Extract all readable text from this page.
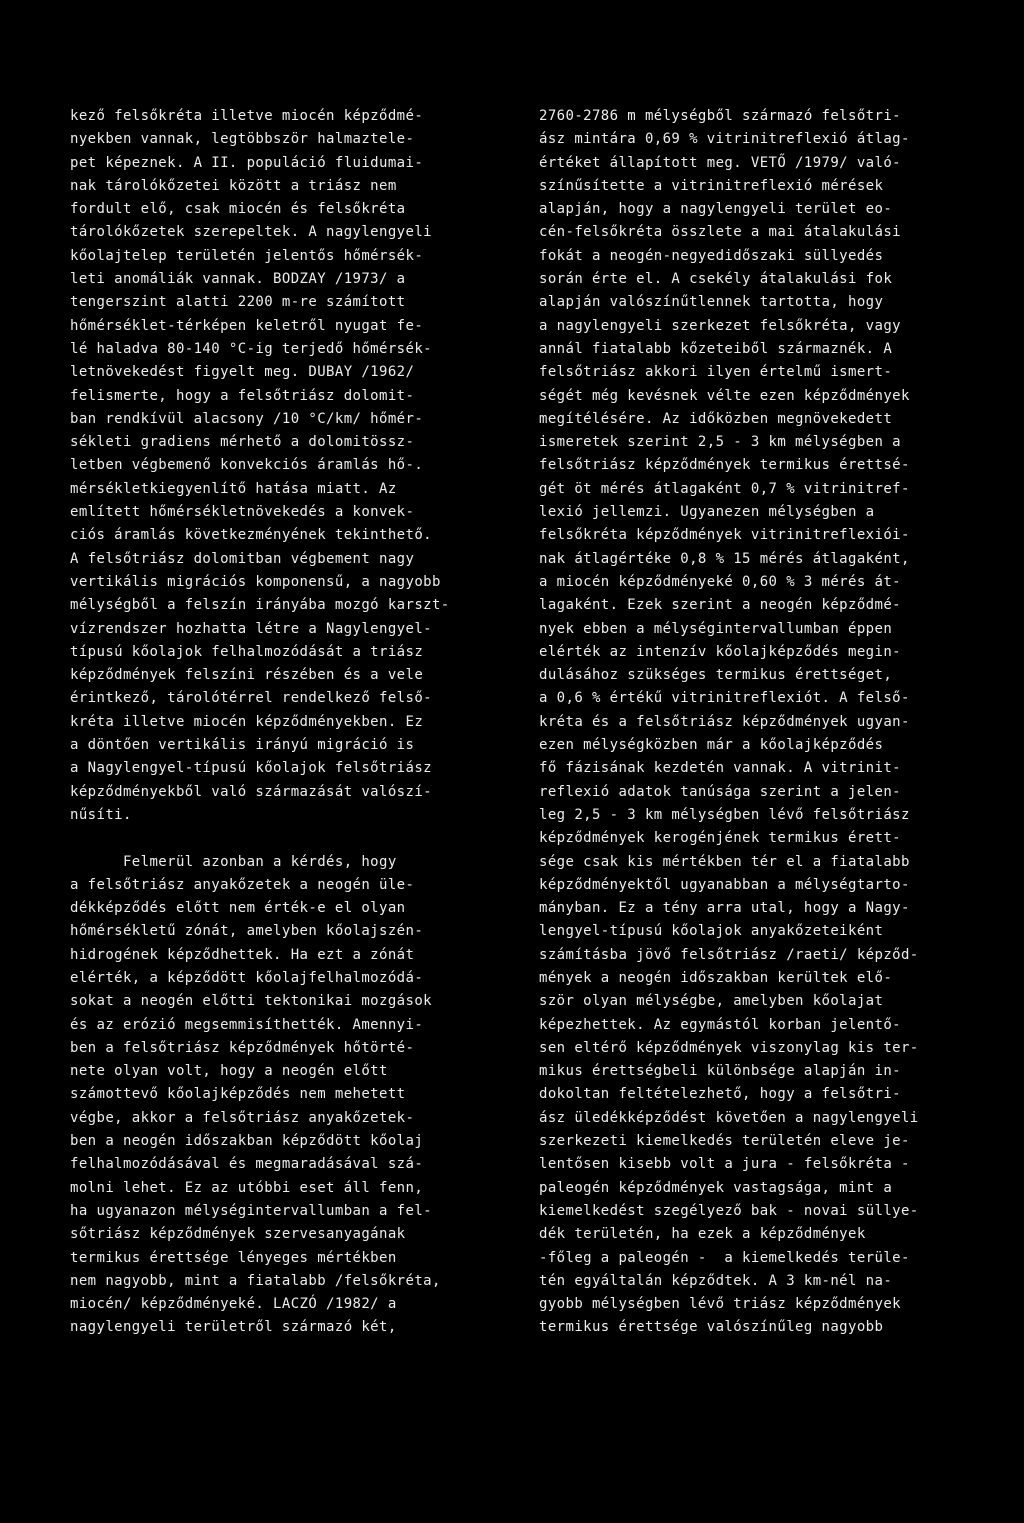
kező felsőkréta illetve miocén képződmé-
nyekben vannak, legtöbbször halmaztele-
pet képeznek. A II. populáció fluidumai-
nak tárolókőzetei között a triász nem
fordult elő, csak miocén és felsőkréta
tárolókőzetek szerepeltek. A nagylengyeli
kőolajtelep területén jelentős hőmérsék-
leti anomáliák vannak. BODZAY /1973/ a
tengerszint alatti 2200 m-re számított
hőmérséklet-térképen keletről nyugat fe-
lé haladva 80-140 °C-ig terjedő hőmérsék-
letnövekedést figyelt meg. DUBAY /1962/
felismerte, hogy a felsőtriász dolomit-
ban rendkívül alacsony /10 °C/km/ hőmér-
sékleti gradiens mérhető a dolomitössz-
letben végbemenő konvekciós áramlás hő-.
mérsékletkiegyenlítő hatása miatt. Az
említett hőmérsékletnövekedés a konvek-
ciós áramlás következményének tekinthető.
A felsőtriász dolomitban végbement nagy
vertikális migrációs komponensű, a nagyobb
mélységből a felszín irányába mozgó karszt-
vízrendszer hozhatta létre a Nagylengyel-
típusú kőolajok felhalmozódását a triász
képződmények felszíni részében és a vele
érintkező, tárolótérrel rendelkező felső-
kréta illetve miocén képződményekben. Ez
a döntően vertikális irányú migráció is
a Nagylengyel-típusú kőolajok felsőtriász
képződményekből való származását valószí-
nűsíti.
Felmerül azonban a kérdés, hogy
a felsőtriász anyakőzetek a neogén üle-
dékképződés előtt nem érték-e el olyan
hőmérsékletű zónát, amelyben kőolajszén-
hidrogének képződhettek. Ha ezt a zónát
elérték, a képződött kőolajfelhalmozódá-
sokat a neogén előtti tektonikai mozgások
és az erózió megsemmisíthették. Amennyi-
ben a felsőtriász képződmények hőtörté-
nete olyan volt, hogy a neogén előtt
számottevő kőolajképződés nem mehetett
végbe, akkor a felsőtriász anyakőzetek-
ben a neogén időszakban képződött kőolaj
felhalmozódásával és megmaradásával szá-
molni lehet. Ez az utóbbi eset áll fenn,
ha ugyanazon mélységintervallumban a fel-
sőtriász képződmények szervesanyagának
termikus érettsége lényeges mértékben
nem nagyobb, mint a fiatalabb /felsőkréta,
miocén/ képződményeké. LACZÓ /1982/ a
nagylengyeli területről származó két,
2760-2786 m mélységből származó felsőtri-
ász mintára 0,69 % vitrinitreflexió átlag-
értéket állapított meg. VETŐ /1979/ való-
színűsítette a vitrinitreflexió mérések
alapján, hogy a nagylengyeli terület eo-
cén-felsőkréta összlete a mai átalakulási
fokát a neogén-negyedidőszaki süllyedés
során érte el. A csekély átalakulási fok
alapján valószínűtlennek tartotta, hogy
a nagylengyeli szerkezet felsőkréta, vagy
annál fiatalabb kőzeteiből származnék. A
felsőtriász akkori ilyen értelmű ismert-
ségét még kevésnek vélte ezen képződmények
megítélésére. Az időközben megnövekedett
ismeretek szerint 2,5 - 3 km mélységben a
felsőtriász képződmények termikus érettsé-
gét öt mérés átlagaként 0,7 % vitrinitref-
lexió jellemzi. Ugyanezen mélységben a
felsőkréta képződmények vitrinitreflexiói-
nak átlagértéke 0,8 % 15 mérés átlagaként,
a miocén képződményeké 0,60 % 3 mérés át-
lagaként. Ezek szerint a neogén képződmé-
nyek ebben a mélységintervallumban éppen
elérték az intenzív kőolajképződés megin-
dulásához szükséges termikus érettséget,
a 0,6 % értékű vitrinitreflexiót. A felső-
kréta és a felsőtriász képződmények ugyan-
ezen mélységközben már a kőolajképződés
fő fázisának kezdetén vannak. A vitrinit-
reflexió adatok tanúsága szerint a jelen-
leg 2,5 - 3 km mélységben lévő felsőtriász
képződmények kerogénjének termikus érett-
sége csak kis mértékben tér el a fiatalabb
képződményektől ugyanabban a mélységtarto-
mányban. Ez a tény arra utal, hogy a Nagy-
lengyel-típusú kőolajok anyakőzeteiként
számításba jövő felsőtriász /raeti/ képződ-
mények a neogén időszakban kerültek elő-
ször olyan mélységbe, amelyben kőolajat
képezhettek. Az egymástól korban jelentő-
sen eltérő képződmények viszonylag kis ter-
mikus érettségbeli különbsége alapján in-
dokoltan feltételezhető, hogy a felsőtri-
ász üledékképződést követően a nagylengyeli
szerkezeti kiemelkedés területén eleve je-
lentősen kisebb volt a jura - felsőkréta -
paleogén képződmények vastagsága, mint a
kiemelkedést szegélyező bak - novai süllye-
dék területén, ha ezek a képződmények
-főleg a paleogén -  a kiemelkedés terüle-
tén egyáltalán képződtek. A 3 km-nél na-
gyobb mélységben lévő triász képződmények
termikus érettsége valószínűleg nagyobb
